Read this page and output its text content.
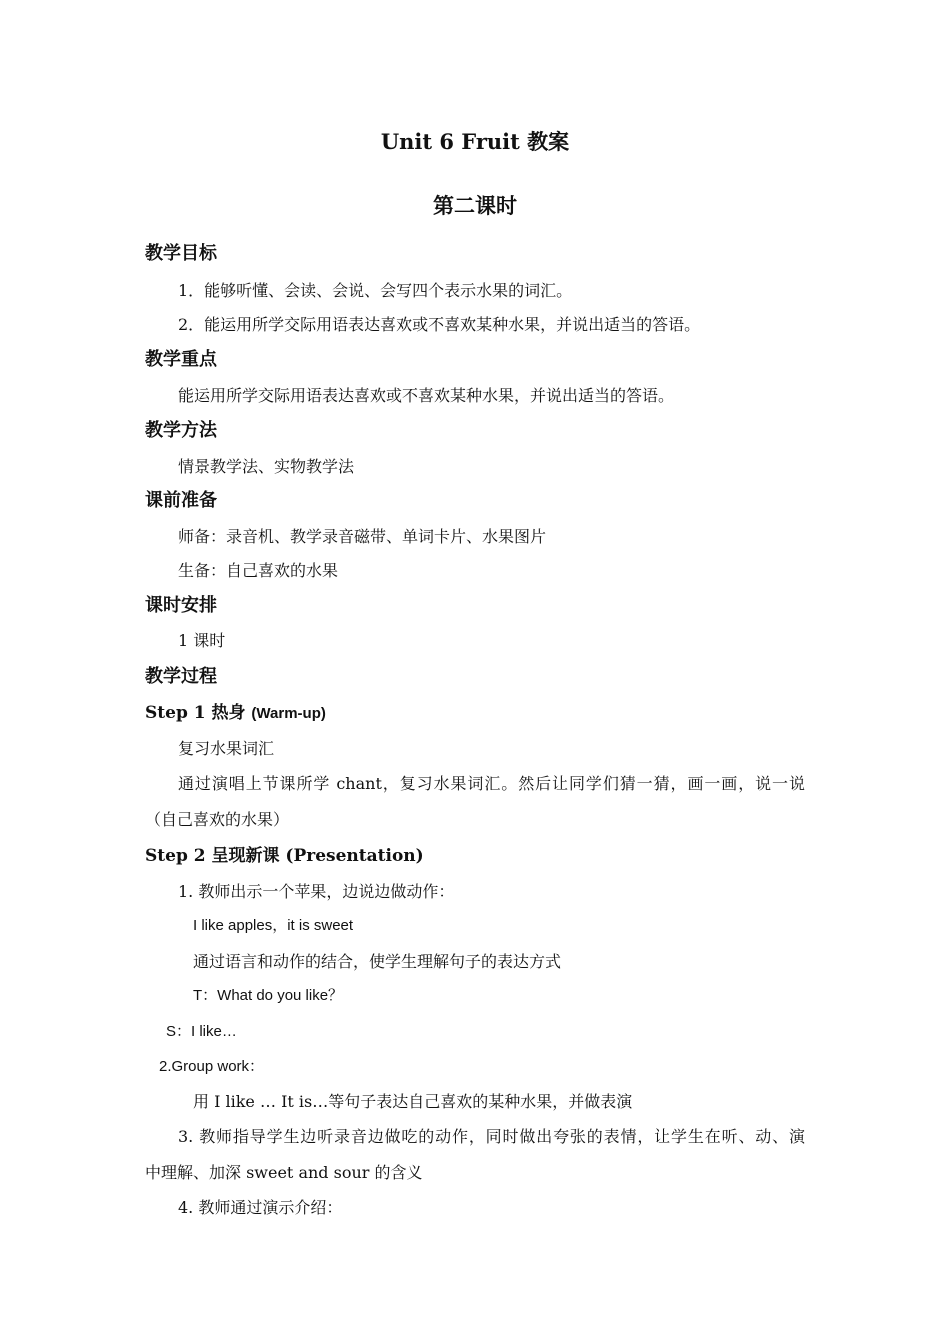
Unit 6 Fruit 教案
第二课时
教学目标
1．能够听懂、会读、会说、会写四个表示水果的词汇。
2．能运用所学交际用语表达喜欢或不喜欢某种水果，并说出适当的答语。
教学重点
能运用所学交际用语表达喜欢或不喜欢某种水果，并说出适当的答语。
教学方法
情景教学法、实物教学法
课前准备
师备：录音机、教学录音磁带、单词卡片、水果图片
生备：自己喜欢的水果
课时安排
1 课时
教学过程
Step 1 热身 (Warm-up)
复习水果词汇
通过演唱上节课所学 chant，复习水果词汇。然后让同学们猜一猜，画一画，说一说
（自己喜欢的水果）
Step 2 呈现新课 (Presentation)
1. 教师出示一个苹果，边说边做动作：
I like apples，it is sweet
通过语言和动作的结合，使学生理解句子的表达方式
T：What do you like？
S：I like…
2.Group work：
用 I like … It is…等句子表达自己喜欢的某种水果，并做表演
3. 教师指导学生边听录音边做吃的动作，同时做出夸张的表情，让学生在听、动、演
中理解、加深 sweet and sour 的含义
4. 教师通过演示介绍：
